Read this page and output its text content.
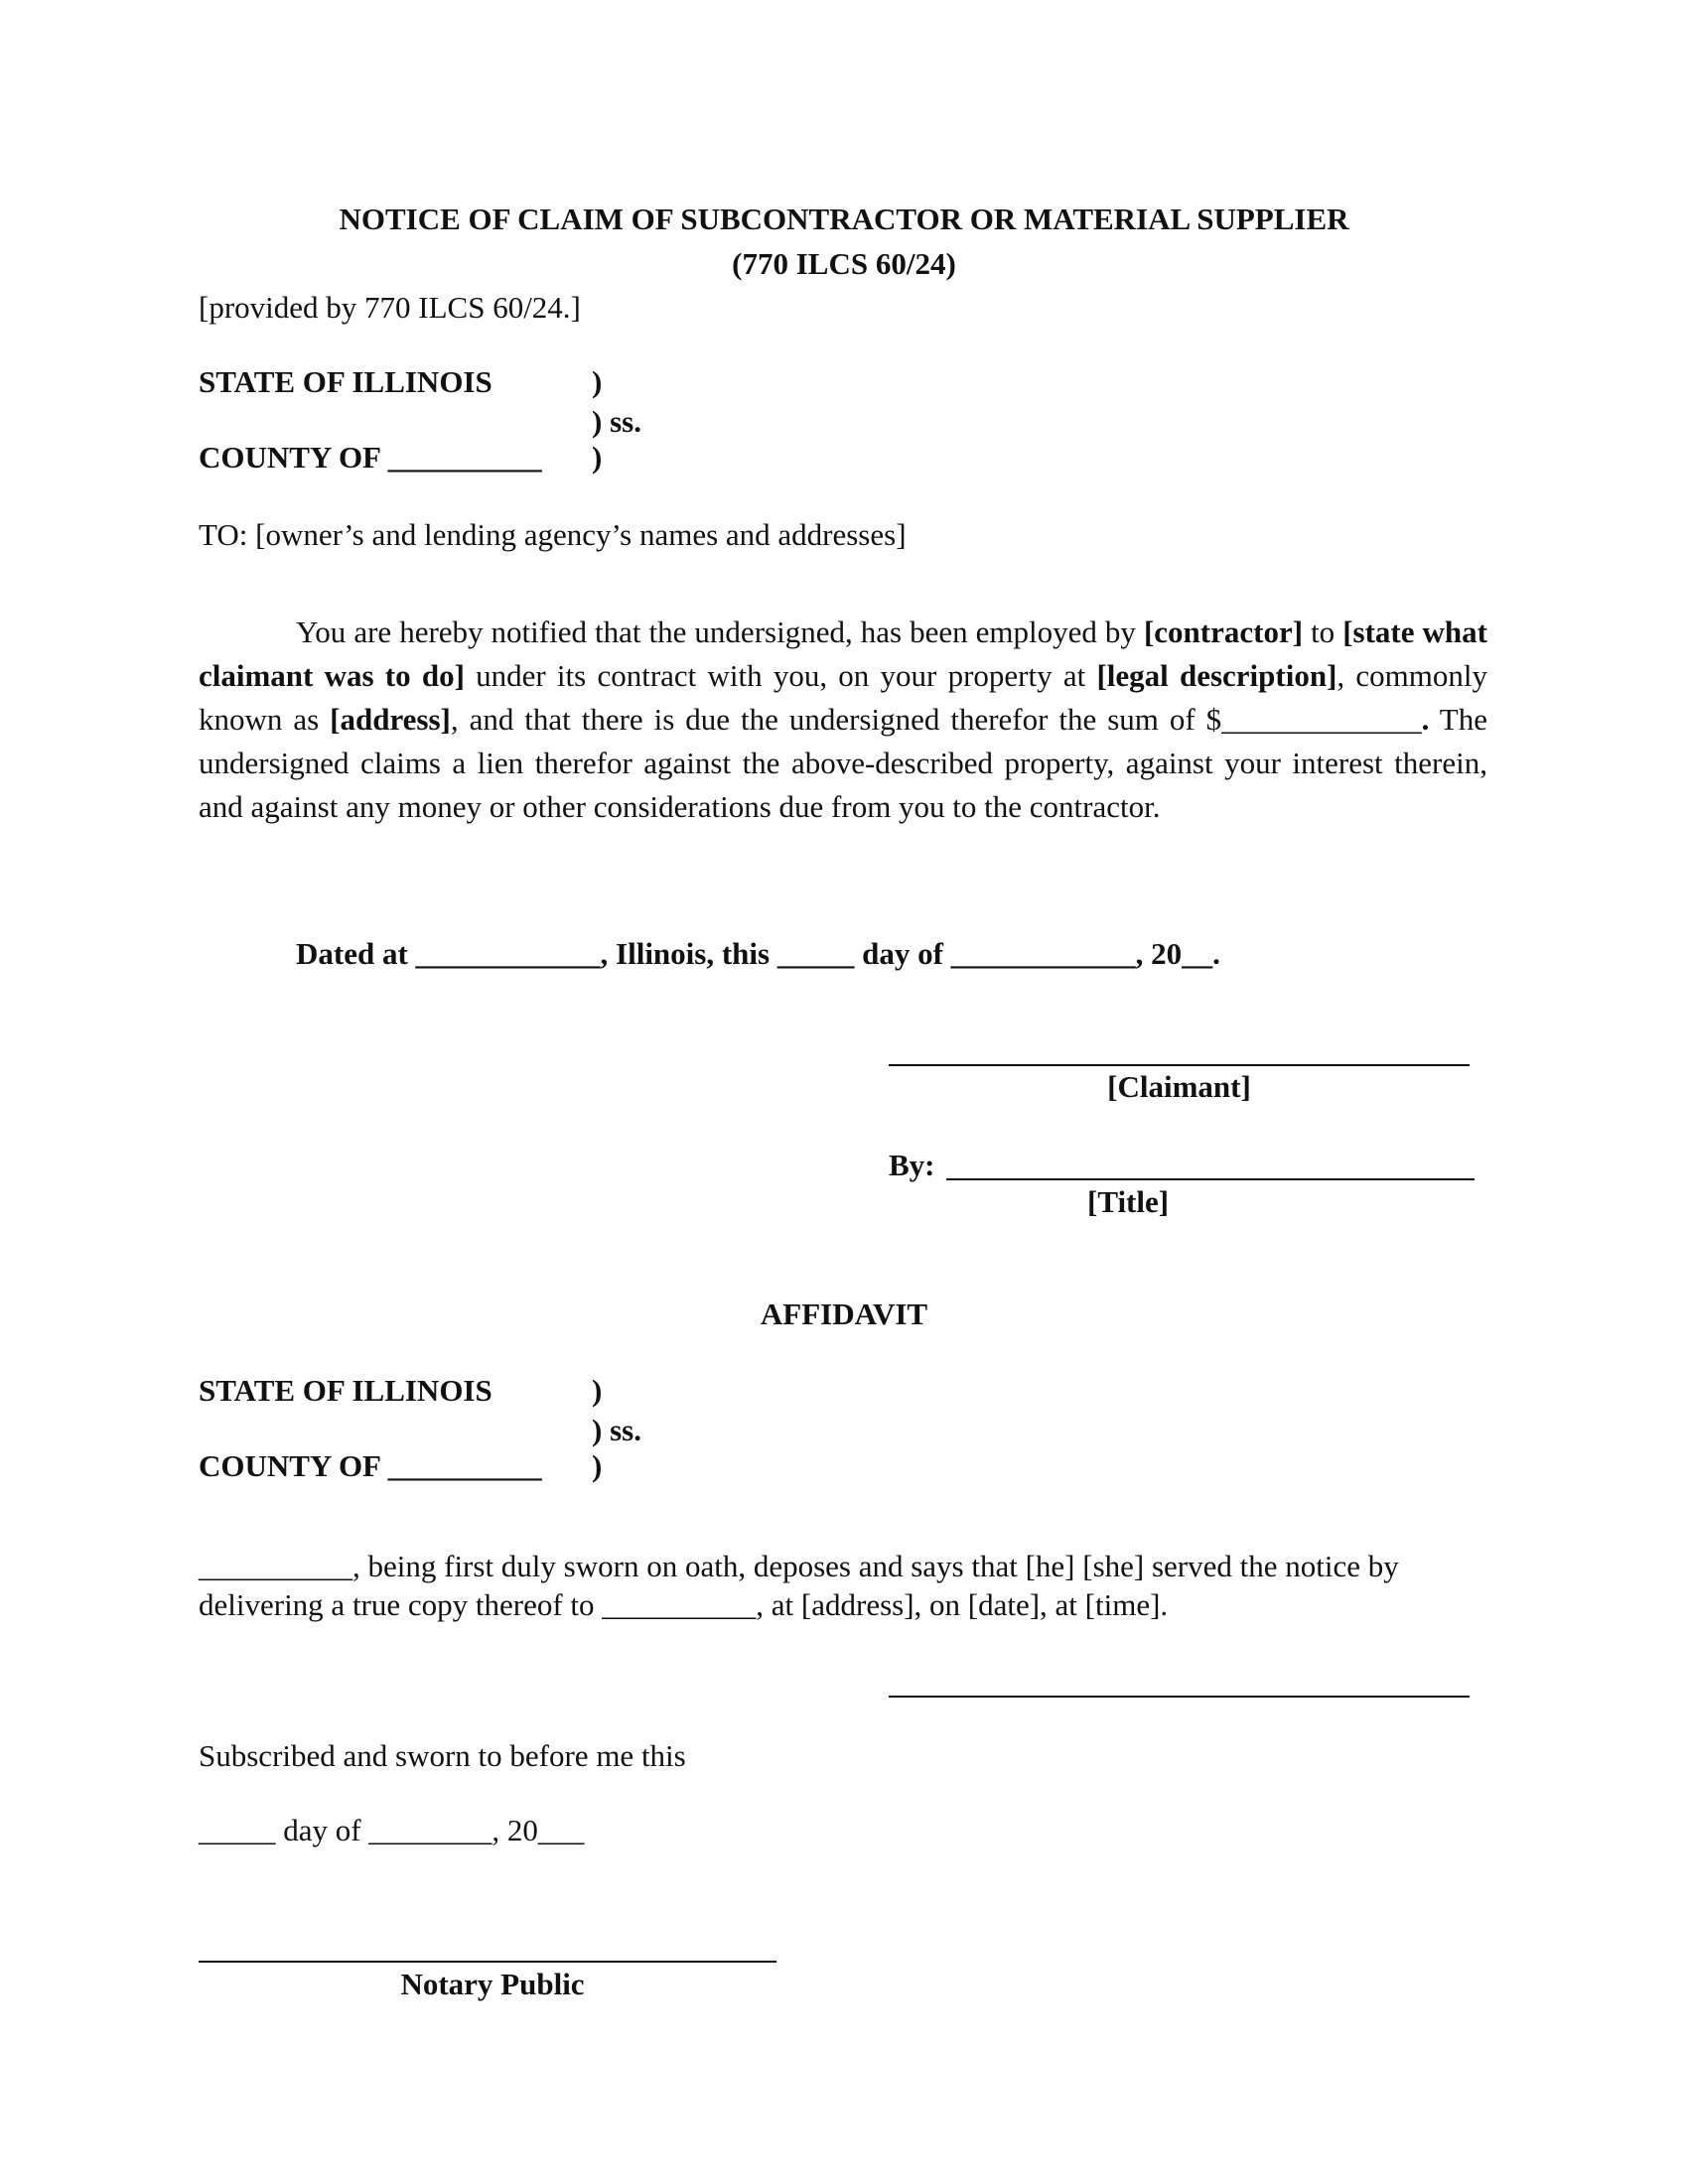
NOTICE OF CLAIM OF SUBCONTRACTOR OR MATERIAL SUPPLIER
(770 ILCS 60/24)
[provided by 770 ILCS 60/24.]
STATE OF ILLINOIS	)
) ss.
COUNTY OF __________ )
TO: [owner’s and lending agency’s names and addresses]
You are hereby notified that the undersigned, has been employed by [contractor] to [state what claimant was to do] under its contract with you, on your property at [legal description], commonly known as [address], and that there is due the undersigned therefor the sum of $_____________. The undersigned claims a lien therefor against the above-described property, against your interest therein, and against any money or other considerations due from you to the contractor.
Dated at ____________, Illinois, this _____ day of ____________, 20__.
[Claimant]
By:
[Title]
AFFIDAVIT
STATE OF ILLINOIS	)
) ss.
COUNTY OF __________ )
__________, being first duly sworn on oath, deposes and says that [he] [she] served the notice by delivering a true copy thereof to __________, at [address], on [date], at [time].
Subscribed and sworn to before me this
_____ day of ________, 20___
Notary Public
